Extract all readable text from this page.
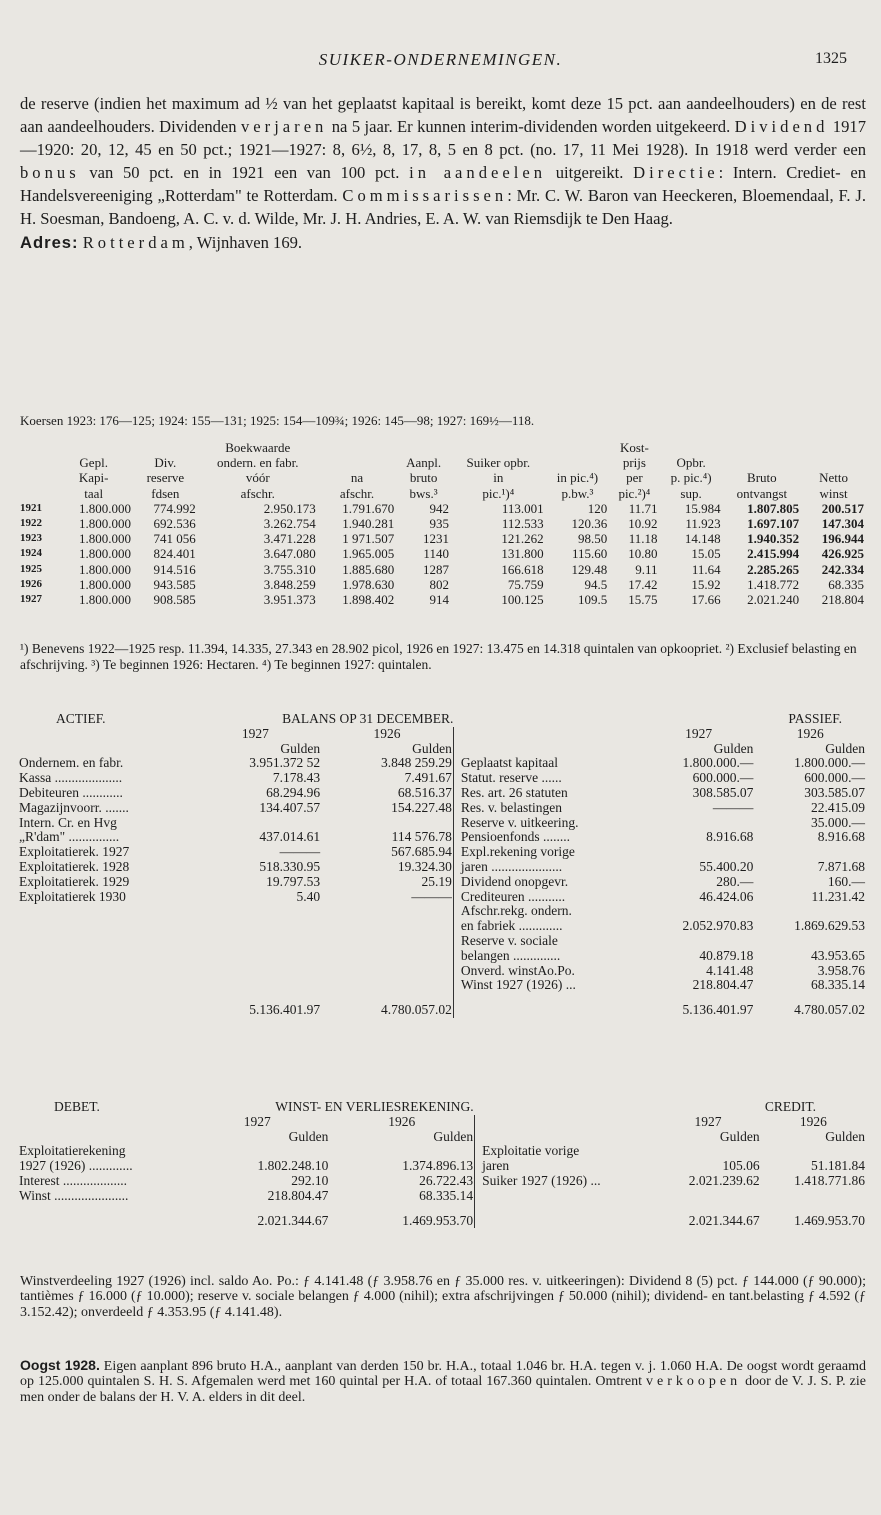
SUIKER-ONDERNEMINGEN.	1325
de reserve (indien het maximum ad ½ van het geplaatst kapitaal is bereikt, komt deze 15 pct. aan aandeelhouders) en de rest aan aandeelhouders. Dividenden verjaren na 5 jaar. Er kunnen interim-dividenden worden uitgekeerd. Dividend 1917—1920: 20, 12, 45 en 50 pct.; 1921—1927: 8, 6½, 8, 17, 8, 5 en 8 pct. (no. 17, 11 Mei 1928). In 1918 werd verder een bonus van 50 pct. en in 1921 een van 100 pct. in aandeelen uitgereikt. Directie: Intern. Crediet- en Handelsvereeniging „Rotterdam" te Rotterdam. Commissarissen: Mr. C. W. Baron van Heeckeren, Bloemendaal, F. J. H. Soesman, Bandoeng, A. C. v. d. Wilde, Mr. J. H. Andries, E. A. W. van Riemsdijk te Den Haag.
Adres: Rotterdam, Wijnhaven 169.
Koersen 1923: 176—125; 1924: 155—131; 1925: 154—109¾; 1926: 145—98; 1927: 169½—118.
			Boekwaarde					Kost-			
	Gepl.	Div.	ondern. en fabr.		Aanpl.	Suiker opbr.		prijs	Opbr.		
	Kapi-	reserve	vóór	na	bruto	in	in pic.⁴)	per	p. pic.⁴)	Bruto	Netto
	taal	fdsen	afschr.	afschr.	bws.³	pic.¹)⁴	p.bw.³	pic.²)⁴	sup.	ontvangst	winst
1921	1.800.000	774.992	2.950.173	1.791.670	942	113.001	120	11.71	15.984	1.807.805	200.517
1922	1.800.000	692.536	3.262.754	1.940.281	935	112.533	120.36	10.92	11.923	1.697.107	147.304
1923	1.800.000	741 056	3.471.228	1 971.507	1231	121.262	98.50	11.18	14.148	1.940.352	196.944
1924	1.800.000	824.401	3.647.080	1.965.005	1140	131.800	115.60	10.80	15.05	2.415.994	426.925
1925	1.800.000	914.516	3.755.310	1.885.680	1287	166.618	129.48	9.11	11.64	2.285.265	242.334
1926	1.800.000	943.585	3.848.259	1.978.630	802	75.759	94.5	17.42	15.92	1.418.772	68.335
1927	1.800.000	908.585	3.951.373	1.898.402	914	100.125	109.5	15.75	17.66	2.021.240	218.804
¹) Benevens 1922—1925 resp. 11.394, 14.335, 27.343 en 28.902 picol, 1926 en 1927: 13.475 en 14.318 quintalen van opkoopriet. ²) Exclusief belasting en afschrijving. ³) Te beginnen 1926: Hectaren. ⁴) Te beginnen 1927: quintalen.
ACTIEF.	BALANS OP 31 DECEMBER.				PASSIEF.	
	1927	1926			1927	1926
	Gulden	Gulden			Gulden	Gulden
Ondernem. en fabr.	3.951.372 52	3.848 259.29		Geplaatst kapitaal	1.800.000.—	1.800.000.—
Kassa ....................	7.178.43	7.491.67		Statut. reserve ......	600.000.—	600.000.—
Debiteuren ............	68.294.96	68.516.37		Res. art. 26 statuten	308.585.07	303.585.07
Magazijnvoorr. .......	134.407.57	154.227.48		Res. v. belastingen	———	22.415.09
Intern. Cr. en Hvg				Reserve v. uitkeering.		35.000.—
„R'dam" ...............	437.014.61	114 576.78		Pensioenfonds ........	8.916.68	8.916.68
Exploitatierek. 1927	———	567.685.94		Expl.rekening vorige		
Exploitatierek. 1928	518.330.95	19.324.30		jaren .....................	55.400.20	7.871.68
Exploitatierek. 1929	19.797.53	25.19		Dividend onopgevr.	280.—	160.—
Exploitatierek 1930	5.40	———		Crediteuren ...........	46.424.06	11.231.42
				Afschr.rekg. ondern.		
				en fabriek .............	2.052.970.83	1.869.629.53
				Reserve v. sociale		
				belangen ..............	40.879.18	43.953.65
				Onverd. winstAo.Po.	4.141.48	3.958.76
				Winst 1927 (1926) ...	218.804.47	68.335.14
	5.136.401.97	4.780.057.02			5.136.401.97	4.780.057.02
DEBET.	WINST- EN VERLIESREKENING.			CREDIT.		
	1927	1926			1927	1926
	Gulden	Gulden			Gulden	Gulden
Exploitatierekening				Exploitatie vorige		
1927 (1926) .............	1.802.248.10	1.374.896.13		jaren	105.06	51.181.84
Interest ...................	292.10	26.722.43		Suiker 1927 (1926) ...	2.021.239.62	1.418.771.86
Winst ......................	218.804.47	68.335.14				
	2.021.344.67	1.469.953.70			2.021.344.67	1.469.953.70
Winstverdeeling 1927 (1926) incl. saldo Ao. Po.: ƒ 4.141.48 (ƒ 3.958.76 en ƒ 35.000 res. v. uitkeeringen): Dividend 8 (5) pct. ƒ 144.000 (ƒ 90.000); tantièmes ƒ 16.000 (ƒ 10.000); reserve v. sociale belangen ƒ 4.000 (nihil); extra afschrijvingen ƒ 50.000 (nihil); dividend- en tant.belasting ƒ 4.592 (ƒ 3.152.42); onverdeeld ƒ 4.353.95 (ƒ 4.141.48).
Oogst 1928. Eigen aanplant 896 bruto H.A., aanplant van derden 150 br. H.A., totaal 1.046 br. H.A. tegen v. j. 1.060 H.A. De oogst wordt geraamd op 125.000 quintalen S. H. S. Afgemalen werd met 160 quintal per H.A. of totaal 167.360 quintalen. Omtrent verkoopen door de V. J. S. P. zie men onder de balans der H. V. A. elders in dit deel.
